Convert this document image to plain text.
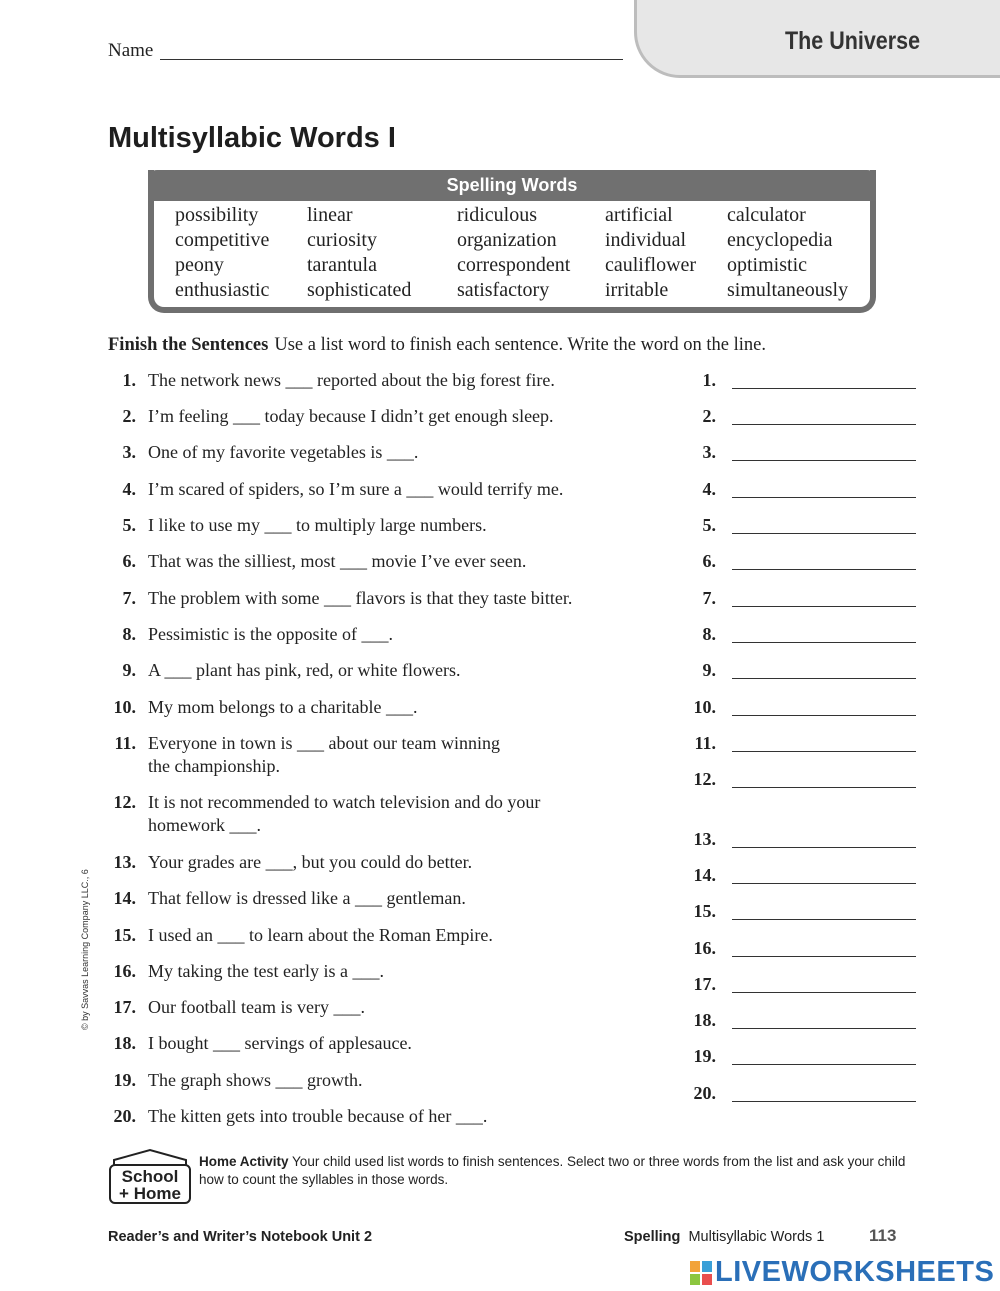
The Universe
Name
Multisyllabic Words I
Spelling Words
possibility
competitive
peony
enthusiastic
linear
curiosity
tarantula
sophisticated
ridiculous
organization
correspondent
satisfactory
artificial
individual
cauliflower
irritable
calculator
encyclopedia
optimistic
simultaneously
Finish the Sentences Use a list word to finish each sentence. Write the word on the line.
1. The network news ___ reported about the big forest fire.
2. I’m feeling ___ today because I didn’t get enough sleep.
3. One of my favorite vegetables is ___.
4. I’m scared of spiders, so I’m sure a ___ would terrify me.
5. I like to use my ___ to multiply large numbers.
6. That was the silliest, most ___ movie I’ve ever seen.
7. The problem with some ___ flavors is that they taste bitter.
8. Pessimistic is the opposite of ___.
9. A ___ plant has pink, red, or white flowers.
10. My mom belongs to a charitable ___.
11. Everyone in town is ___ about our team winning
the championship.
12. It is not recommended to watch television and do your
homework ___.
13. Your grades are ___, but you could do better.
14. That fellow is dressed like a ___ gentleman.
15. I used an ___ to learn about the Roman Empire.
16. My taking the test early is a ___.
17. Our football team is very ___.
18. I bought ___ servings of applesauce.
19. The graph shows ___ growth.
20. The kitten gets into trouble because of her ___.
1.
2.
3.
4.
5.
6.
7.
8.
9.
10.
11.
12.
13.
14.
15.
16.
17.
18.
19.
20.
© by Savvas Learning Company LLC., 6
School
+ Home
Home Activity Your child used list words to finish sentences. Select two or three words from the list and ask your child how to count the syllables in those words.
Reader’s and Writer’s Notebook Unit 2	Spelling Multisyllabic Words 1	113
LIVEWORKSHEETS
